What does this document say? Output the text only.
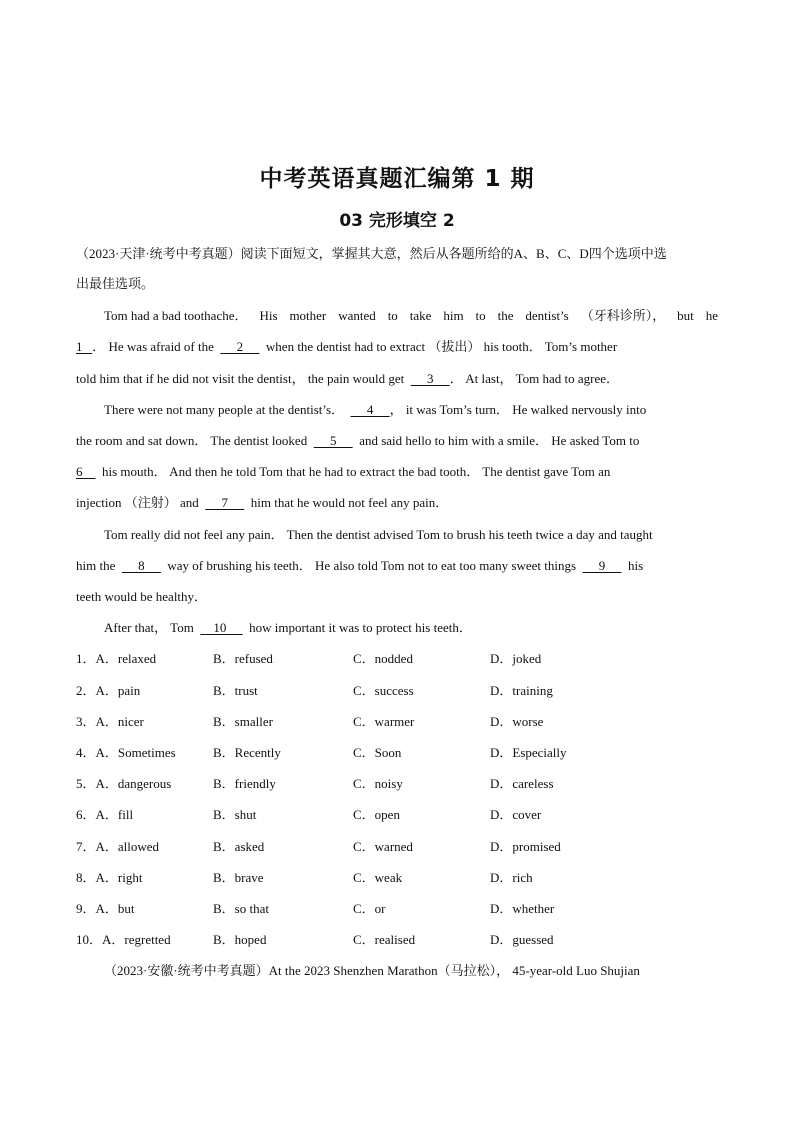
中考英语真题汇编第 1 期
03 完形填空 2
（2023·天津·统考中考真题）阅读下面短文，掌握其大意，然后从各题所给的A、B、C、D四个选项中选
出最佳选项。
Tom had a bad toothache． His mother wanted to take him to the dentist’s （牙科诊所）， but he
1   ． He was afraid of the       2       when the dentist had to extract （拔出） his tooth． Tom’s mother
told him that if he did not visit the dentist， the pain would get       3     ． At last， Tom had to agree．
There were not many people at the dentist’s．       4     ， it was Tom’s turn． He walked nervously into
the room and sat down． The dentist looked       5       and said hello to him with a smile． He asked Tom to
6      his mouth． And then he told Tom that he had to extract the bad tooth． The dentist gave Tom an
injection （注射） and       7       him that he would not feel any pain．
Tom really did not feel any pain． Then the dentist advised Tom to brush his teeth twice a day and taught
him the       8       way of brushing his teeth． He also told Tom not to eat too many sweet things       9       his
teeth would be healthy．
After that， Tom      10       how important it was to protect his teeth．
1．A．relaxed	B．refused	C．nodded	D．joked
2．A．pain	B．trust	C．success	D．training
3．A．nicer	B．smaller	C．warmer	D．worse
4．A．Sometimes	B．Recently	C．Soon	D．Especially
5．A．dangerous	B．friendly	C．noisy	D．careless
6．A．fill	B．shut	C．open	D．cover
7．A．allowed	B．asked	C．warned	D．promised
8．A．right	B．brave	C．weak	D．rich
9．A．but	B．so that	C．or	D．whether
10．A．regretted	B．hoped	C．realised	D．guessed
（2023·安徽·统考中考真题）At the 2023 Shenzhen Marathon（马拉松）， 45-year-old Luo Shujian
